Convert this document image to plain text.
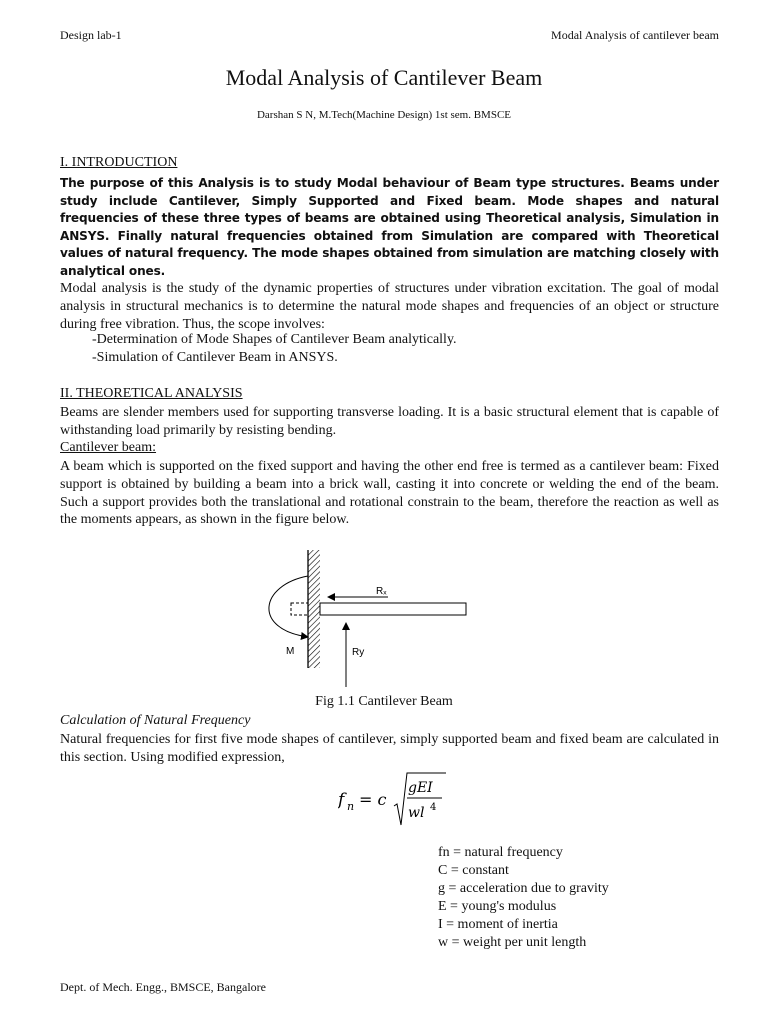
Design lab-1	Modal Analysis of cantilever beam
Modal Analysis of Cantilever Beam
Darshan S N, M.Tech(Machine Design) 1st sem. BMSCE
I. INTRODUCTION
The purpose of this Analysis is to study Modal behaviour of Beam type structures. Beams under study include Cantilever, Simply Supported and Fixed beam. Mode shapes and natural frequencies of these three types of beams are obtained using Theoretical analysis, Simulation in ANSYS. Finally natural frequencies obtained from Simulation are compared with Theoretical values of natural frequency. The mode shapes obtained from simulation are matching closely with analytical ones.
Modal analysis is the study of the dynamic properties of structures under vibration excitation. The goal of modal analysis in structural mechanics is to determine the natural mode shapes and frequencies of an object or structure during free vibration. Thus, the scope involves:
-Determination of Mode Shapes of Cantilever Beam analytically.
-Simulation of Cantilever Beam in ANSYS.
II. THEORETICAL ANALYSIS
Beams are slender members used for supporting transverse loading. It is a basic structural element that is capable of withstanding load primarily by resisting bending.
Cantilever beam:
A beam which is supported on the fixed support and having the other end free is termed as a cantilever beam: Fixed support is obtained by building a beam into a brick wall, casting it into concrete or welding the end of the beam. Such a support provides both the translational and rotational constrain to the beam, therefore the reaction as well as the moments appears, as shown in the figure below.
Rₓ
Ry
M
Fig 1.1 Cantilever Beam
Calculation of Natural Frequency
Natural frequencies for first five mode shapes of cantilever, simply supported beam and fixed beam are calculated in this section. Using modified expression,
f n = c
gEI
wl 4
fn = natural frequency
C = constant
g = acceleration due to gravity
E = young's modulus
I = moment of inertia
w = weight per unit length
Dept. of Mech. Engg., BMSCE, Bangalore
